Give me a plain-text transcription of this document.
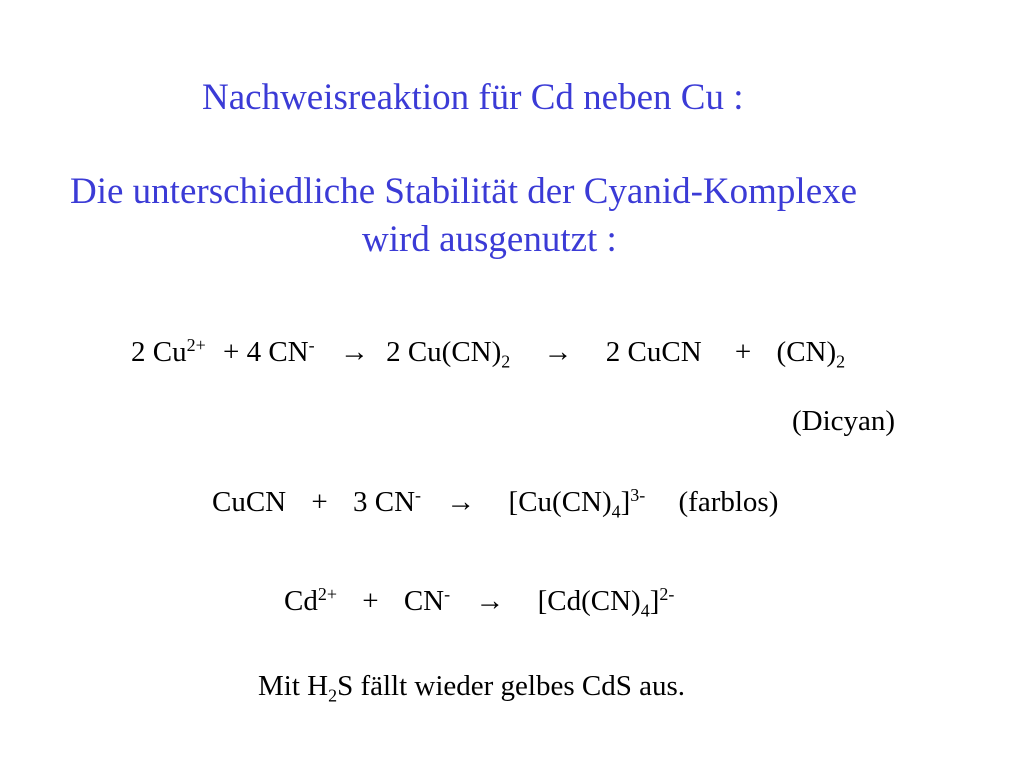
Nachweisreaktion für Cd neben Cu :
Die unterschiedliche Stabilität der Cyanid-Komplexe
wird ausgenutzt :
2 $Cu^{2+} + 4$ CN- → 2 $Cu(CN)_2 \to 2$ CuCN + $(CN)_2$
(Dicyan)
CuCN + 3 $CN^- \to [Cu(CN)_4]^{3-}$ (farblos)
$Cd^{2+} + CN^- \to [Cd(CN)_4]^{2-}$
Mit $H_2S$ fällt wieder gelbes CdS aus.
